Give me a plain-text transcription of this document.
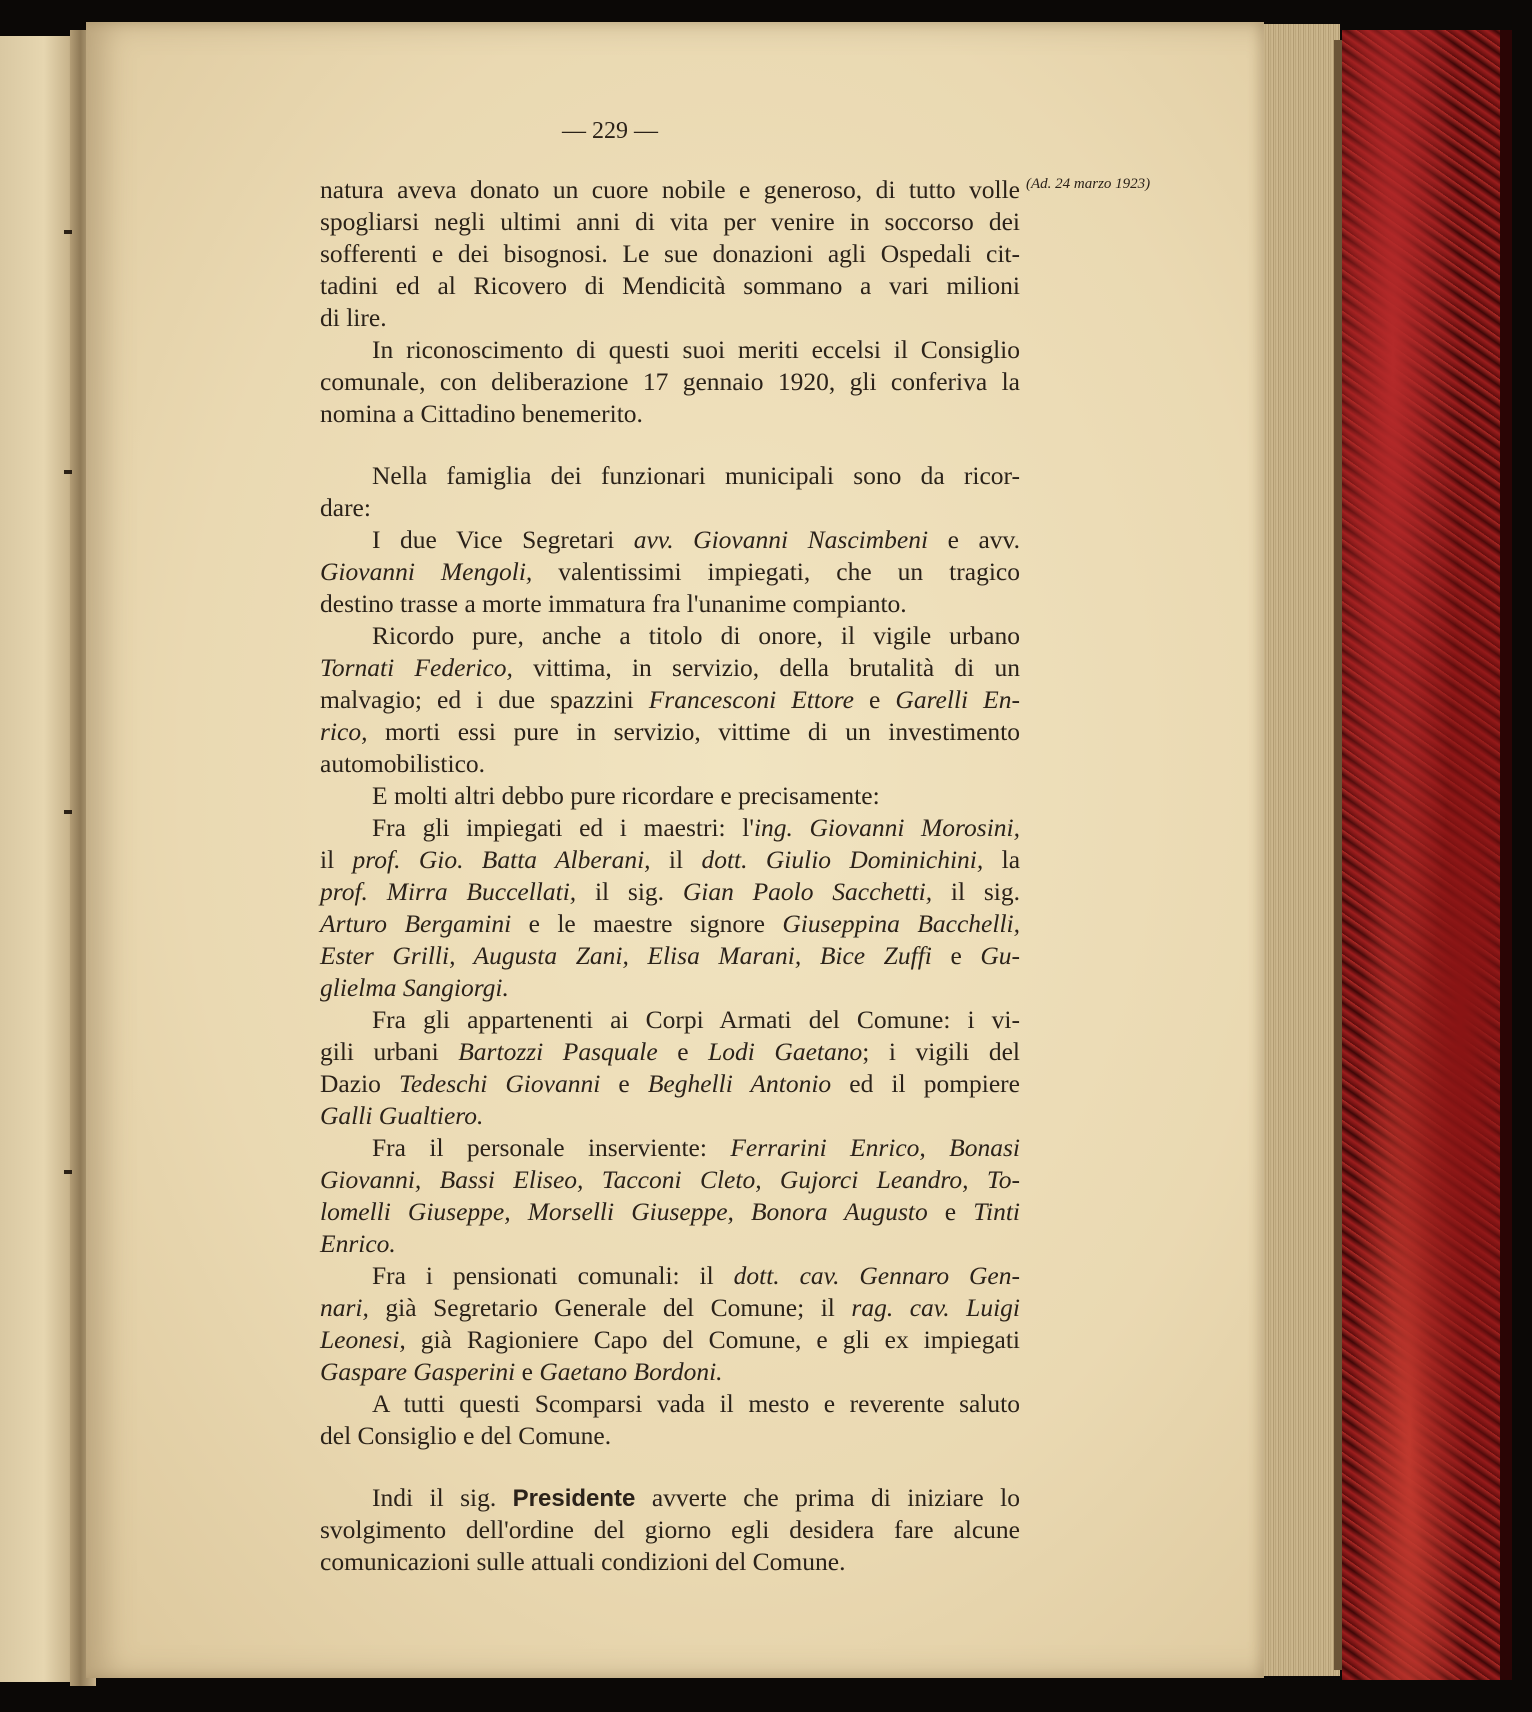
— 229 —
(Ad. 24 marzo 1923)
natura aveva donato un cuore nobile e generoso, di tutto volle
spogliarsi negli ultimi anni di vita per venire in soccorso dei
sofferenti e dei bisognosi. Le sue donazioni agli Ospedali cit-
tadini ed al Ricovero di Mendicità sommano a vari milioni
di lire.
In riconoscimento di questi suoi meriti eccelsi il Consiglio
comunale, con deliberazione 17 gennaio 1920, gli conferiva la
nomina a Cittadino benemerito.
Nella famiglia dei funzionari municipali sono da ricor-
dare:
I due Vice Segretari avv. Giovanni Nascimbeni e avv.
Giovanni Mengoli, valentissimi impiegati, che un tragico
destino trasse a morte immatura fra l'unanime compianto.
Ricordo pure, anche a titolo di onore, il vigile urbano
Tornati Federico, vittima, in servizio, della brutalità di un
malvagio; ed i due spazzini Francesconi Ettore e Garelli En-
rico, morti essi pure in servizio, vittime di un investimento
automobilistico.
E molti altri debbo pure ricordare e precisamente:
Fra gli impiegati ed i maestri: l'ing. Giovanni Morosini,
il prof. Gio. Batta Alberani, il dott. Giulio Dominichini, la
prof. Mirra Buccellati, il sig. Gian Paolo Sacchetti, il sig.
Arturo Bergamini e le maestre signore Giuseppina Bacchelli,
Ester Grilli, Augusta Zani, Elisa Marani, Bice Zuffi e Gu-
glielma Sangiorgi.
Fra gli appartenenti ai Corpi Armati del Comune: i vi-
gili urbani Bartozzi Pasquale e Lodi Gaetano; i vigili del
Dazio Tedeschi Giovanni e Beghelli Antonio ed il pompiere
Galli Gualtiero.
Fra il personale inserviente: Ferrarini Enrico, Bonasi
Giovanni, Bassi Eliseo, Tacconi Cleto, Gujorci Leandro, To-
lomelli Giuseppe, Morselli Giuseppe, Bonora Augusto e Tinti
Enrico.
Fra i pensionati comunali: il dott. cav. Gennaro Gen-
nari, già Segretario Generale del Comune; il rag. cav. Luigi
Leonesi, già Ragioniere Capo del Comune, e gli ex impiegati
Gaspare Gasperini e Gaetano Bordoni.
A tutti questi Scomparsi vada il mesto e reverente saluto
del Consiglio e del Comune.
Indi il sig. Presidente avverte che prima di iniziare lo
svolgimento dell'ordine del giorno egli desidera fare alcune
comunicazioni sulle attuali condizioni del Comune.
